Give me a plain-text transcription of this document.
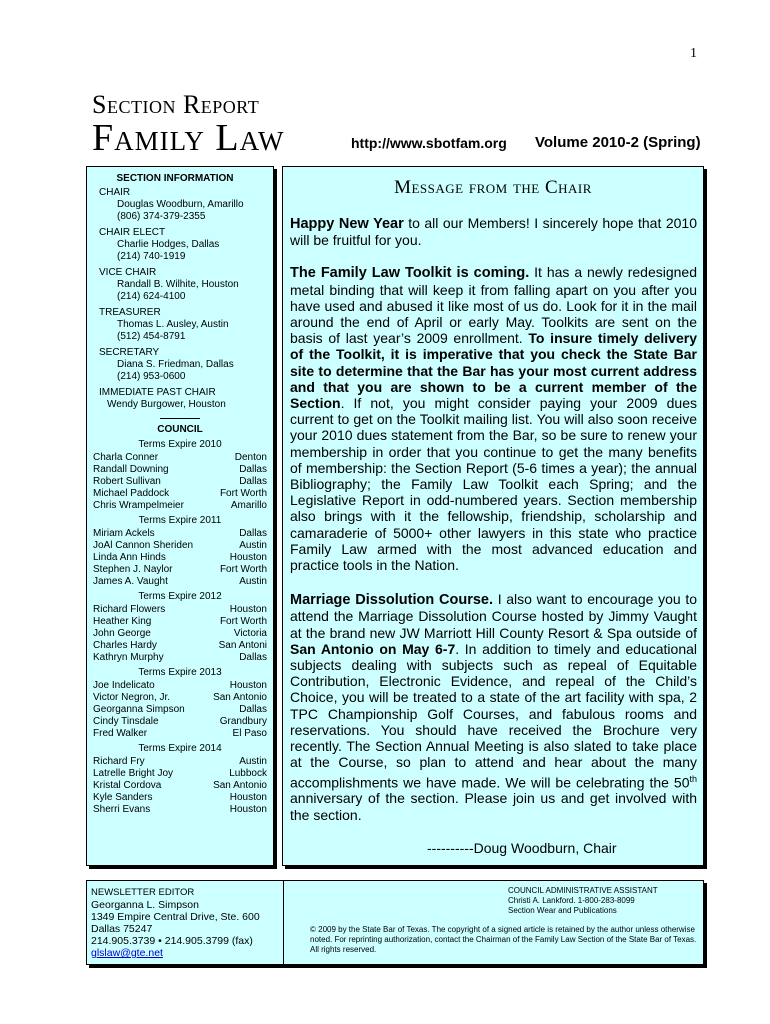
1
Section Report
Family Law	http://www.sbotfam.org Volume 2010-2 (Spring)
SECTION INFORMATION
CHAIR
Douglas Woodburn, Amarillo
(806) 374-379-2355
CHAIR ELECT
Charlie Hodges, Dallas
(214) 740-1919
VICE CHAIR
Randall B. Wilhite, Houston
(214) 624-4100
TREASURER
Thomas L. Ausley, Austin
(512) 454-8791
SECRETARY
Diana S. Friedman, Dallas
(214) 953-0600
IMMEDIATE PAST CHAIR
Wendy Burgower, Houston
COUNCIL
Terms Expire 2010
Charla Conner	Denton
Randall Downing	Dallas
Robert Sullivan	Dallas
Michael Paddock	Fort Worth
Chris Wrampelmeier	Amarillo
Terms Expire 2011
Miriam Ackels	Dallas
JoAl Cannon Sheriden	Austin
Linda Ann Hinds	Houston
Stephen J. Naylor	Fort Worth
James A. Vaught	Austin
Terms Expire 2012
Richard Flowers	Houston
Heather King	Fort Worth
John George	Victoria
Charles Hardy	San Antoni
Kathryn Murphy	Dallas
Terms Expire 2013
Joe Indelicato	Houston
Victor Negron, Jr.	San Antonio
Georganna Simpson	Dallas
Cindy Tinsdale	Grandbury
Fred Walker	El Paso
Terms Expire 2014
Richard Fry	Austin
Latrelle Bright Joy	Lubbock
Kristal Cordova	San Antonio
Kyle Sanders	Houston
Sherri Evans	Houston
Message from the Chair

Happy New Year to all our Members! I sincerely hope that 2010 will be fruitful for you.

The Family Law Toolkit is coming. It has a newly redesigned metal binding that will keep it from falling apart on you after you have used and abused it like most of us do. Look for it in the mail around the end of April or early May. Toolkits are sent on the basis of last year’s 2009 enrollment. To insure timely delivery of the Toolkit, it is imperative that you check the State Bar site to determine that the Bar has your most current address and that you are shown to be a current member of the Section. If not, you might consider paying your 2009 dues current to get on the Toolkit mailing list. You will also soon receive your 2010 dues statement from the Bar, so be sure to renew your membership in order that you continue to get the many benefits of membership: the Section Report (5-6 times a year); the annual Bibliography; the Family Law Toolkit each Spring; and the Legislative Report in odd-numbered years. Section membership also brings with it the fellowship, friendship, scholarship and camaraderie of 5000+ other lawyers in this state who practice Family Law armed with the most advanced education and practice tools in the Nation.

Marriage Dissolution Course. I also want to encourage you to attend the Marriage Dissolution Course hosted by Jimmy Vaught at the brand new JW Marriott Hill County Resort & Spa outside of San Antonio on May 6-7. In addition to timely and educational subjects dealing with subjects such as repeal of Equitable Contribution, Electronic Evidence, and repeal of the Child’s Choice, you will be treated to a state of the art facility with spa, 2 TPC Championship Golf Courses, and fabulous rooms and reservations. You should have received the Brochure very recently. The Section Annual Meeting is also slated to take place at the Course, so plan to attend and hear about the many accomplishments we have made. We will be celebrating the 50th anniversary of the section. Please join us and get involved with the section.

----------Doug Woodburn, Chair
NEWSLETTER EDITOR
Georganna L. Simpson
1349 Empire Central Drive, Ste. 600
Dallas 75247
214.905.3739 • 214.905.3799 (fax)
glslaw@gte.net
COUNCIL ADMINISTRATIVE ASSISTANT
Christi A. Lankford. 1-800-283-8099
Section Wear and Publications
© 2009 by the State Bar of Texas. The copyright of a signed article is retained by the author unless otherwise noted. For reprinting authorization, contact the Chairman of the Family Law Section of the State Bar of Texas. All rights reserved.
